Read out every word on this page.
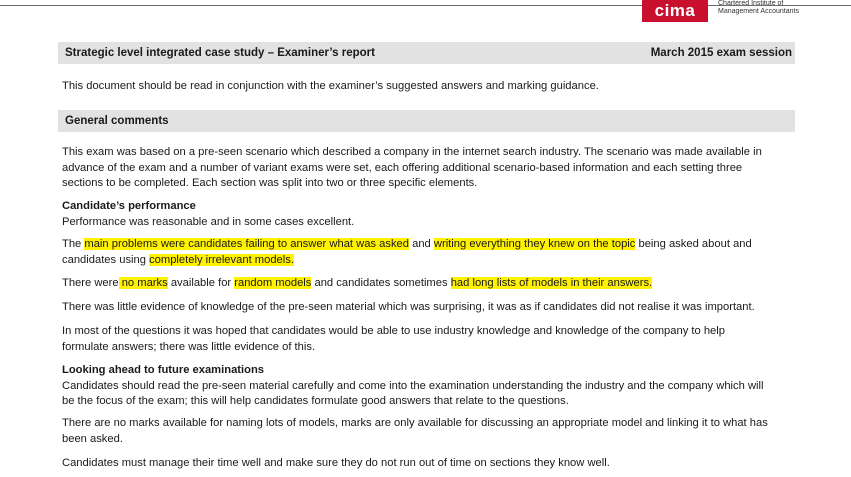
cima	Chartered Institute of
Management Accountants
Strategic level integrated case study – Examiner’s report	March 2015 exam session

This document should be read in conjunction with the examiner’s suggested answers and marking guidance.

General comments
This exam was based on a pre-seen scenario which described a company in the internet search industry. The scenario was made available in
advance of the exam and a number of variant exams were set, each offering additional scenario-based information and each setting three
sections to be completed. Each section was split into two or three specific elements.
Candidate’s performance
Performance was reasonable and in some cases excellent.
The main problems were candidates failing to answer what was asked and writing everything they knew on the topic being asked about and
candidates using completely irrelevant models.
There were no marks available for random models and candidates sometimes had long lists of models in their answers.

There was little evidence of knowledge of the pre-seen material which was surprising, it was as if candidates did not realise it was important.

In most of the questions it was hoped that candidates would be able to use industry knowledge and knowledge of the company to help
formulate answers; there was little evidence of this.
Looking ahead to future examinations
Candidates should read the pre-seen material carefully and come into the examination understanding the industry and the company which will
be the focus of the exam; this will help candidates formulate good answers that relate to the questions.
There are no marks available for naming lots of models, marks are only available for discussing an appropriate model and linking it to what has
been asked.

Candidates must manage their time well and make sure they do not run out of time on sections they know well.
